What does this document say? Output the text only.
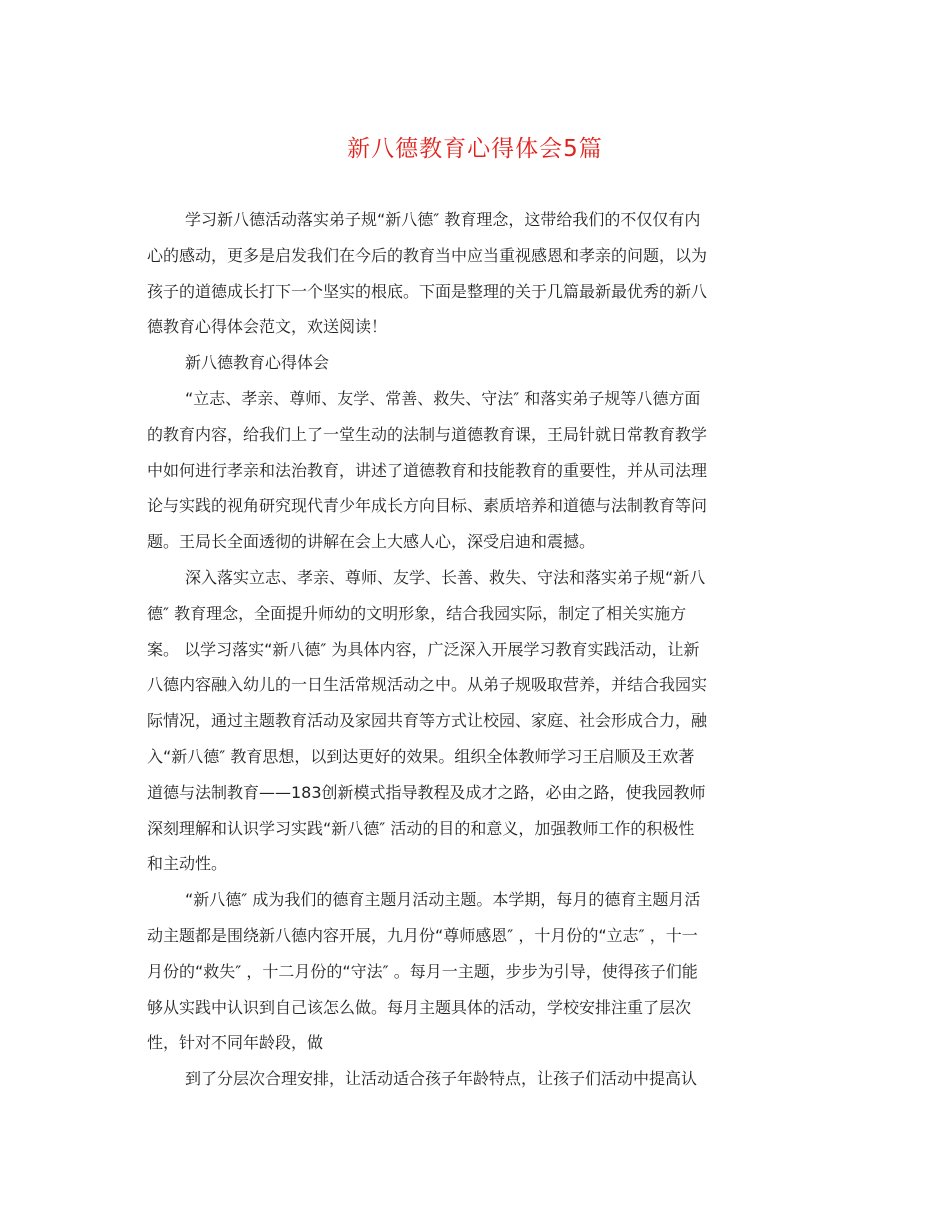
新八德教育心得体会5篇
学习新八德活动落实弟子规“新八德″ 教育理念，这带给我们的不仅仅有内
心的感动，更多是启发我们在今后的教育当中应当重视感恩和孝亲的问题，以为
孩子的道德成长打下一个坚实的根底。下面是整理的关于几篇最新最优秀的新八
德教育心得体会范文，欢送阅读！
新八德教育心得体会
“立志、孝亲、尊师、友学、常善、救失、守法″ 和落实弟子规等八德方面
的教育内容，给我们上了一堂生动的法制与道德教育课，王局针就日常教育教学
中如何进行孝亲和法治教育，讲述了道德教育和技能教育的重要性，并从司法理
论与实践的视角研究现代青少年成长方向目标、素质培养和道德与法制教育等问
题。王局长全面透彻的讲解在会上大感人心，深受启迪和震撼。
深入落实立志、孝亲、尊师、友学、长善、救失、守法和落实弟子规“新八
德″ 教育理念，全面提升师幼的文明形象，结合我园实际，制定了相关实施方
案。 以学习落实“新八德″ 为具体内容，广泛深入开展学习教育实践活动，让新
八德内容融入幼儿的一日生活常规活动之中。从弟子规吸取营养，并结合我园实
际情况，通过主题教育活动及家园共育等方式让校园、家庭、社会形成合力，融
入“新八德″ 教育思想，以到达更好的效果。组织全体教师学习王启顺及王欢著
道德与法制教育——183创新模式指导教程及成才之路，必由之路，使我园教师
深刻理解和认识学习实践“新八德″ 活动的目的和意义，加强教师工作的积极性
和主动性。
“新八德″ 成为我们的德育主题月活动主题。本学期，每月的德育主题月活
动主题都是围绕新八德内容开展，九月份“尊师感恩″ ，十月份的“立志″ ，十一
月份的“救失″ ，十二月份的“守法″ 。每月一主题，步步为引导，使得孩子们能
够从实践中认识到自己该怎么做。每月主题具体的活动，学校安排注重了层次
性，针对不同年龄段，做
到了分层次合理安排，让活动适合孩子年龄特点，让孩子们活动中提高认
